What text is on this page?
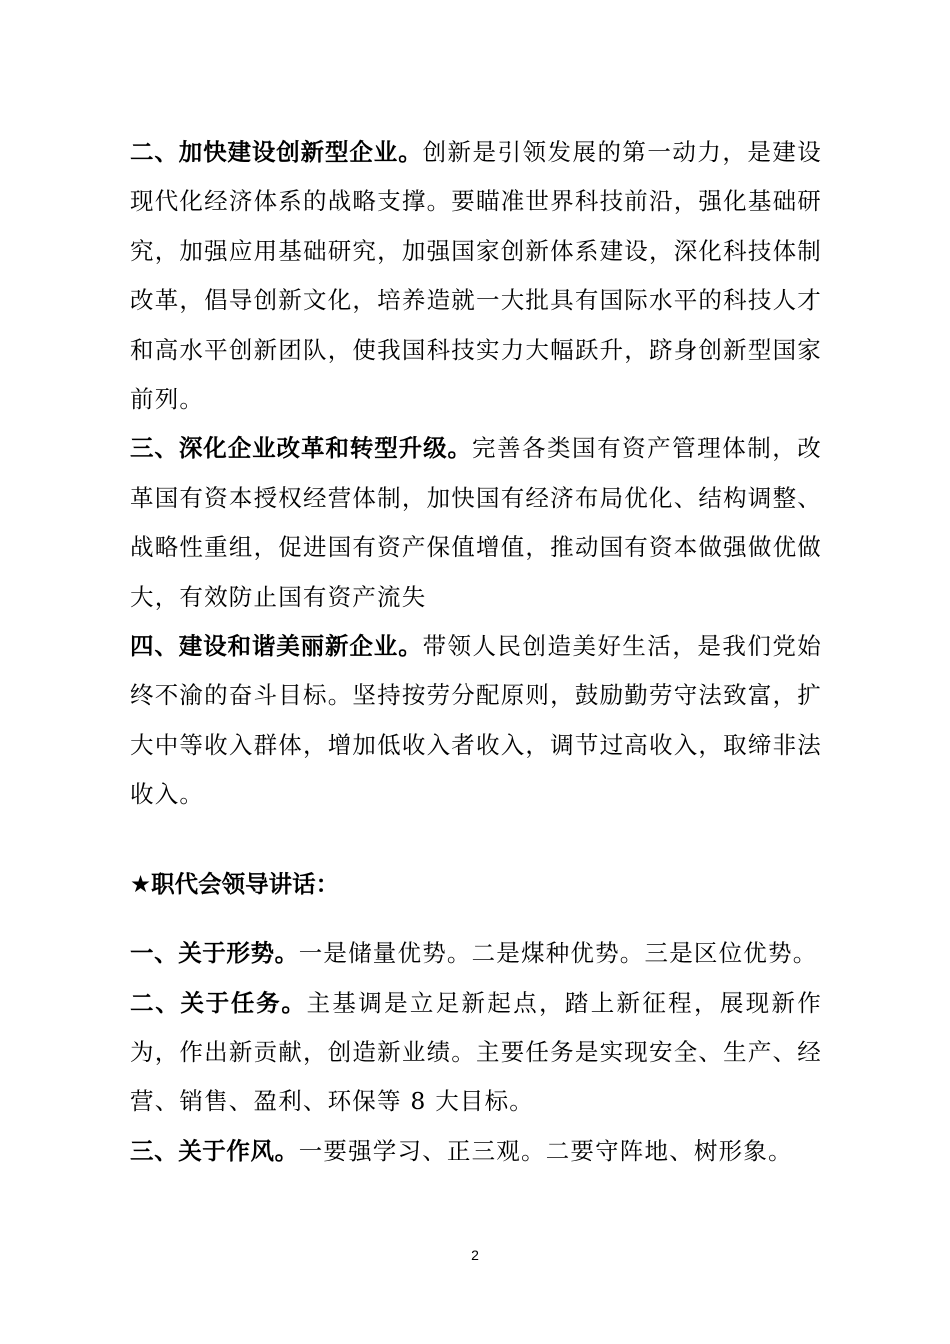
二、加快建设创新型企业。创新是引领发展的第一动力，是建设现代化经济体系的战略支撑。要瞄准世界科技前沿，强化基础研究，加强应用基础研究，加强国家创新体系建设，深化科技体制改革，倡导创新文化，培养造就一大批具有国际水平的科技人才和高水平创新团队，使我国科技实力大幅跃升，跻身创新型国家前列。

三、深化企业改革和转型升级。完善各类国有资产管理体制，改革国有资本授权经营体制，加快国有经济布局优化、结构调整、战略性重组，促进国有资产保值增值，推动国有资本做强做优做大，有效防止国有资产流失

四、建设和谐美丽新企业。带领人民创造美好生活，是我们党始终不渝的奋斗目标。坚持按劳分配原则，鼓励勤劳守法致富，扩大中等收入群体，增加低收入者收入，调节过高收入，取缔非法收入。

★职代会领导讲话：

一、关于形势。一是储量优势。二是煤种优势。三是区位优势。

二、关于任务。主基调是立足新起点，踏上新征程，展现新作为，作出新贡献，创造新业绩。主要任务是实现安全、生产、经营、销售、盈利、环保等 8 大目标。

三、关于作风。一要强学习、正三观。二要守阵地、树形象。

2
